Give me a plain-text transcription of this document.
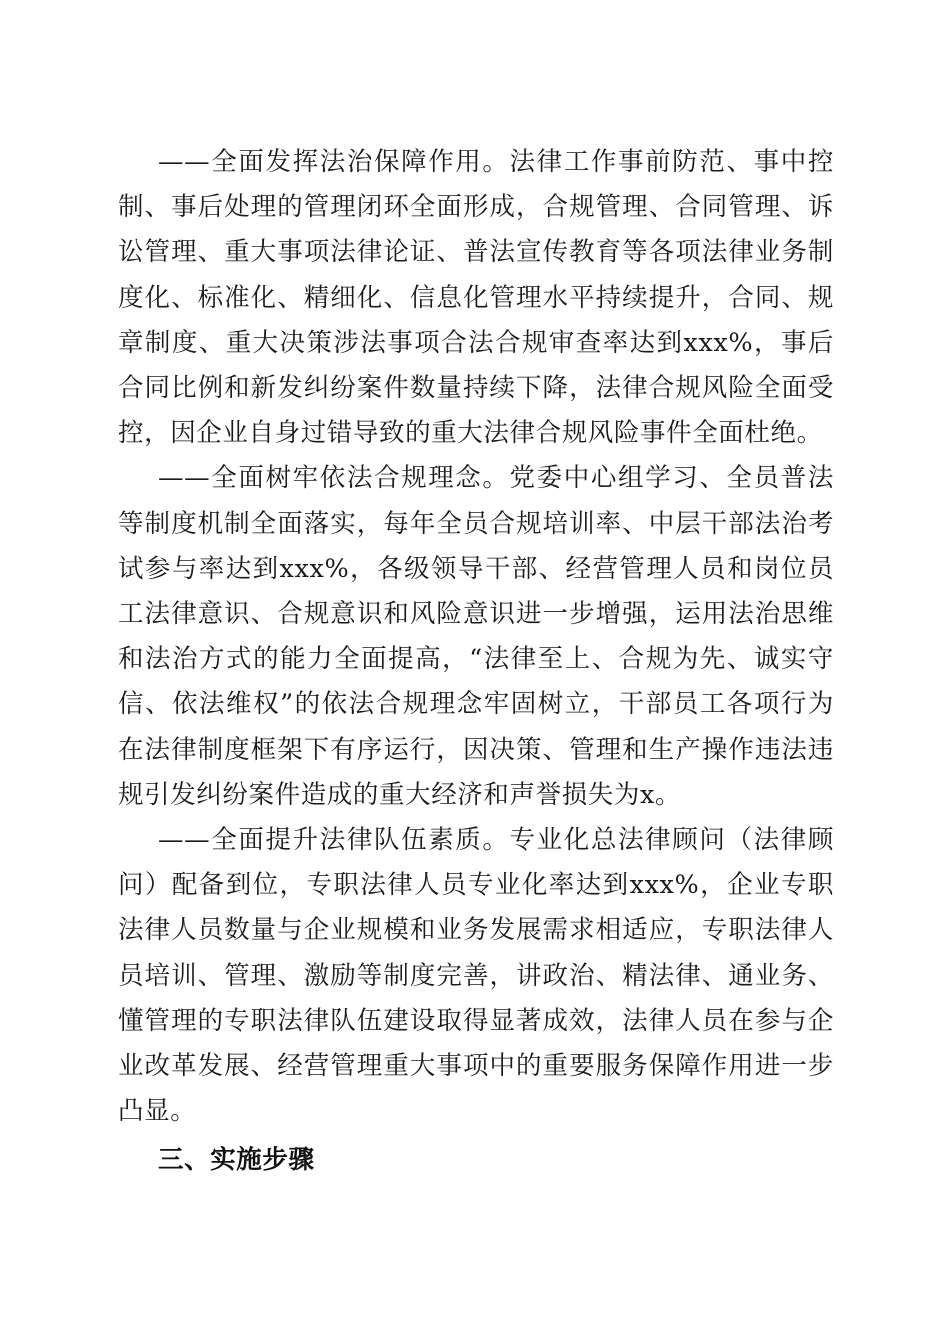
——全面发挥法治保障作用。法律工作事前防范、事中控制、事后处理的管理闭环全面形成，合规管理、合同管理、诉讼管理、重大事项法律论证、普法宣传教育等各项法律业务制度化、标准化、精细化、信息化管理水平持续提升，合同、规章制度、重大决策涉法事项合法合规审查率达到xxx%，事后合同比例和新发纠纷案件数量持续下降，法律合规风险全面受控，因企业自身过错导致的重大法律合规风险事件全面杜绝。

——全面树牢依法合规理念。党委中心组学习、全员普法等制度机制全面落实，每年全员合规培训率、中层干部法治考试参与率达到xxx%，各级领导干部、经营管理人员和岗位员工法律意识、合规意识和风险意识进一步增强，运用法治思维和法治方式的能力全面提高，“法律至上、合规为先、诚实守信、依法维权”的依法合规理念牢固树立，干部员工各项行为在法律制度框架下有序运行，因决策、管理和生产操作违法违规引发纠纷案件造成的重大经济和声誉损失为x。

——全面提升法律队伍素质。专业化总法律顾问（法律顾问）配备到位，专职法律人员专业化率达到xxx%，企业专职法律人员数量与企业规模和业务发展需求相适应，专职法律人员培训、管理、激励等制度完善，讲政治、精法律、通业务、懂管理的专职法律队伍建设取得显著成效，法律人员在参与企业改革发展、经营管理重大事项中的重要服务保障作用进一步凸显。

三、实施步骤
